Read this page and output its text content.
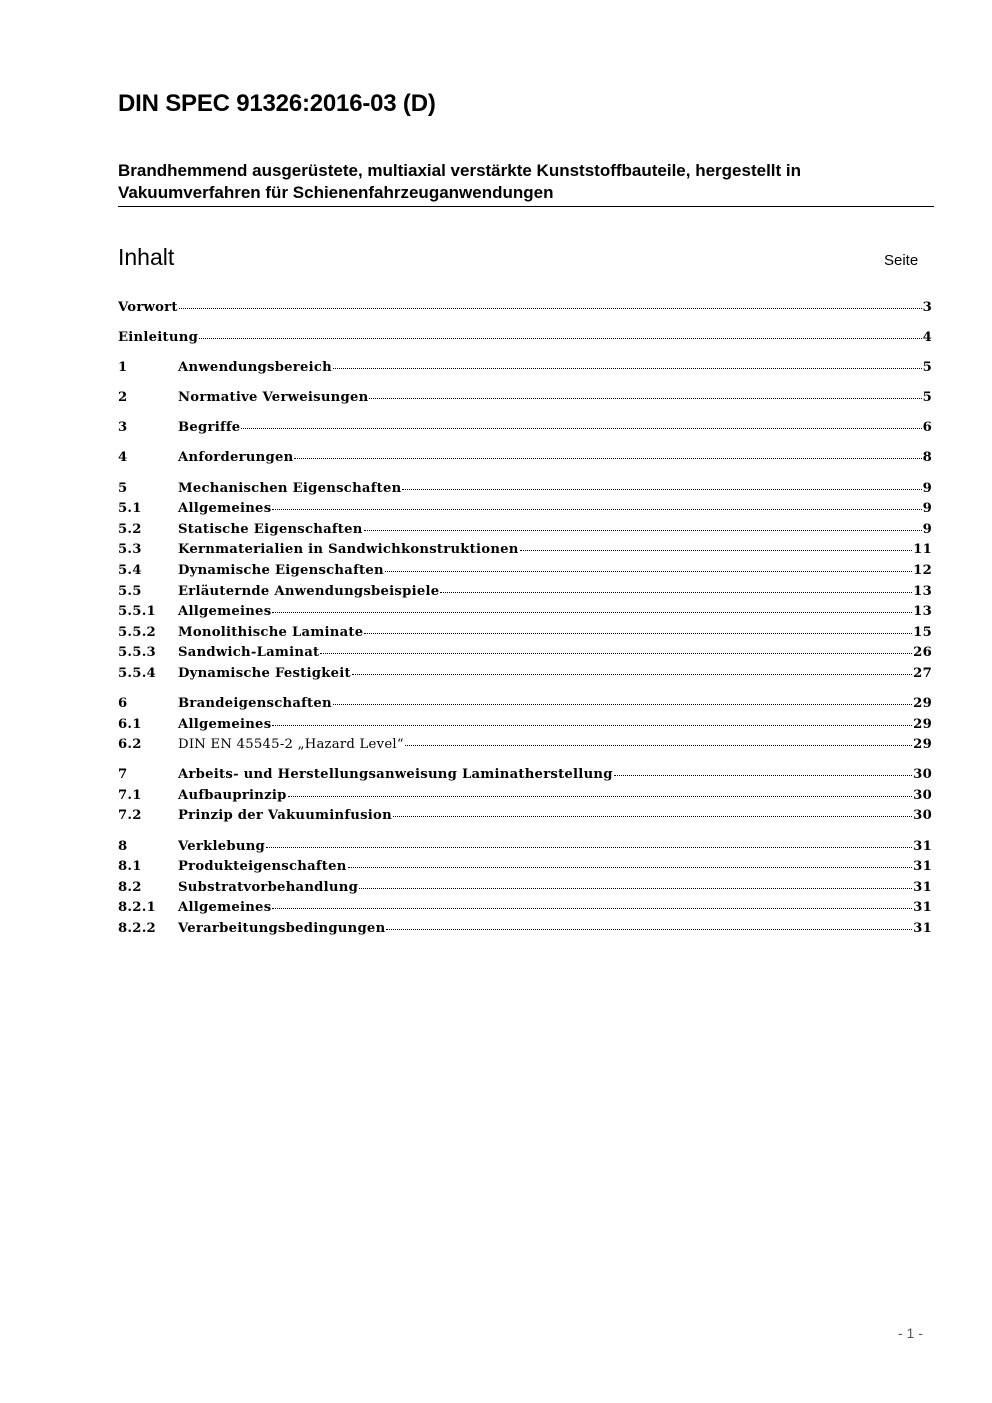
DIN SPEC 91326:2016-03 (D)
Brandhemmend ausgerüstete, multiaxial verstärkte Kunststoffbauteile, hergestellt in Vakuumverfahren für Schienenfahrzeuganwendungen
Inhalt	Seite
Vorwort	3
Einleitung	4
1	Anwendungsbereich	5
2	Normative Verweisungen	5
3	Begriffe	6
4	Anforderungen	8
5	Mechanischen Eigenschaften	9
5.1	Allgemeines	9
5.2	Statische Eigenschaften	9
5.3	Kernmaterialien in Sandwichkonstruktionen	11
5.4	Dynamische Eigenschaften	12
5.5	Erläuternde Anwendungsbeispiele	13
5.5.1	Allgemeines	13
5.5.2	Monolithische Laminate	15
5.5.3	Sandwich-Laminat	26
5.5.4	Dynamische Festigkeit	27
6	Brandeigenschaften	29
6.1	Allgemeines	29
6.2	DIN EN 45545-2 „Hazard Level“	29
7	Arbeits- und Herstellungsanweisung Laminatherstellung	30
7.1	Aufbauprinzip	30
7.2	Prinzip der Vakuuminfusion	30
8	Verklebung	31
8.1	Produkteigenschaften	31
8.2	Substratvorbehandlung	31
8.2.1	Allgemeines	31
8.2.2	Verarbeitungsbedingungen	31
- 1 -
